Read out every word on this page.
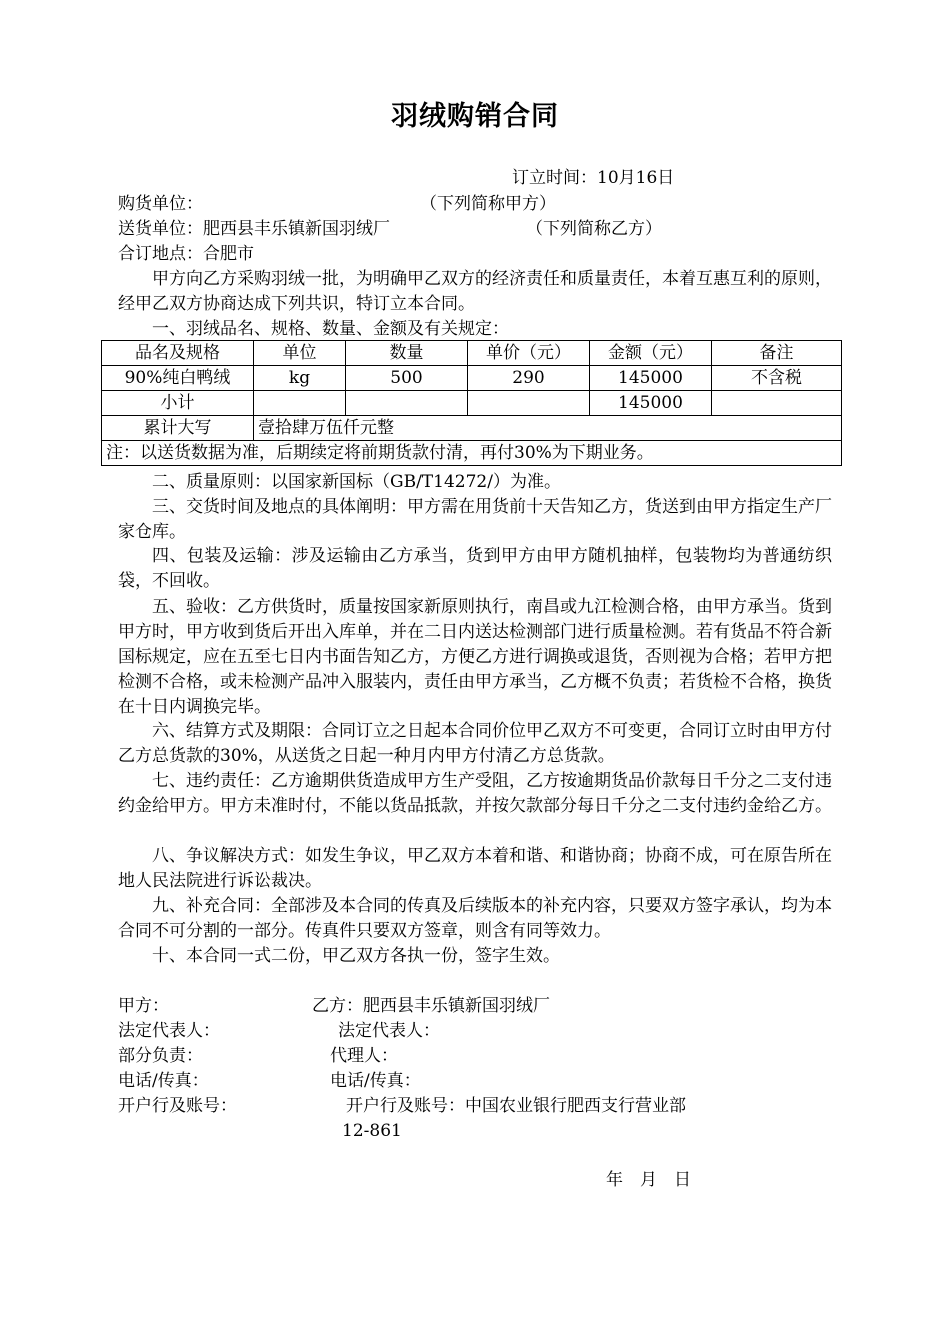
羽绒购销合同
订立时间：10月16日
购货单位：	（下列简称甲方）
送货单位：肥西县丰乐镇新国羽绒厂	（下列简称乙方）
合订地点：合肥市
甲方向乙方采购羽绒一批，为明确甲乙双方的经济责任和质量责任，本着互惠互利的原则，经甲乙双方协商达成下列共识，特订立本合同。
一、羽绒品名、规格、数量、金额及有关规定：
品名及规格	单位	数量	单价（元）	金额（元）	备注
90%纯白鸭绒	kg	500	290	145000	不含税
小计				145000	
累计大写	壹拾肆万伍仟元整				
注：以送货数据为准，后期续定将前期货款付清，再付30%为下期业务。					
二、质量原则：以国家新国标（GB/T14272/）为准。
三、交货时间及地点的具体阐明：甲方需在用货前十天告知乙方，货送到由甲方指定生产厂家仓库。
四、包装及运输：涉及运输由乙方承当，货到甲方由甲方随机抽样，包装物均为普通纺织袋，不回收。
五、验收：乙方供货时，质量按国家新原则执行，南昌或九江检测合格，由甲方承当。货到甲方时，甲方收到货后开出入库单，并在二日内送达检测部门进行质量检测。若有货品不符合新国标规定，应在五至七日内书面告知乙方，方便乙方进行调换或退货，否则视为合格；若甲方把检测不合格，或未检测产品冲入服装内，责任由甲方承当，乙方概不负责；若货检不合格，换货在十日内调换完毕。
六、结算方式及期限：合同订立之日起本合同价位甲乙双方不可变更，合同订立时由甲方付乙方总货款的30%，从送货之日起一种月内甲方付清乙方总货款。
七、违约责任：乙方逾期供货造成甲方生产受阻，乙方按逾期货品价款每日千分之二支付违约金给甲方。甲方未准时付，不能以货品抵款，并按欠款部分每日千分之二支付违约金给乙方。
八、争议解决方式：如发生争议，甲乙双方本着和谐、和谐协商；协商不成，可在原告所在地人民法院进行诉讼裁决。
九、补充合同：全部涉及本合同的传真及后续版本的补充内容，只要双方签字承认，均为本合同不可分割的一部分。传真件只要双方签章，则含有同等效力。
十、本合同一式二份，甲乙双方各执一份，签字生效。
甲方：	乙方：肥西县丰乐镇新国羽绒厂
法定代表人：	法定代表人：
部分负责：	代理人：
电话/传真：	电话/传真：
开户行及账号：	开户行及账号：中国农业银行肥西支行营业部
12-861
年　月　日
